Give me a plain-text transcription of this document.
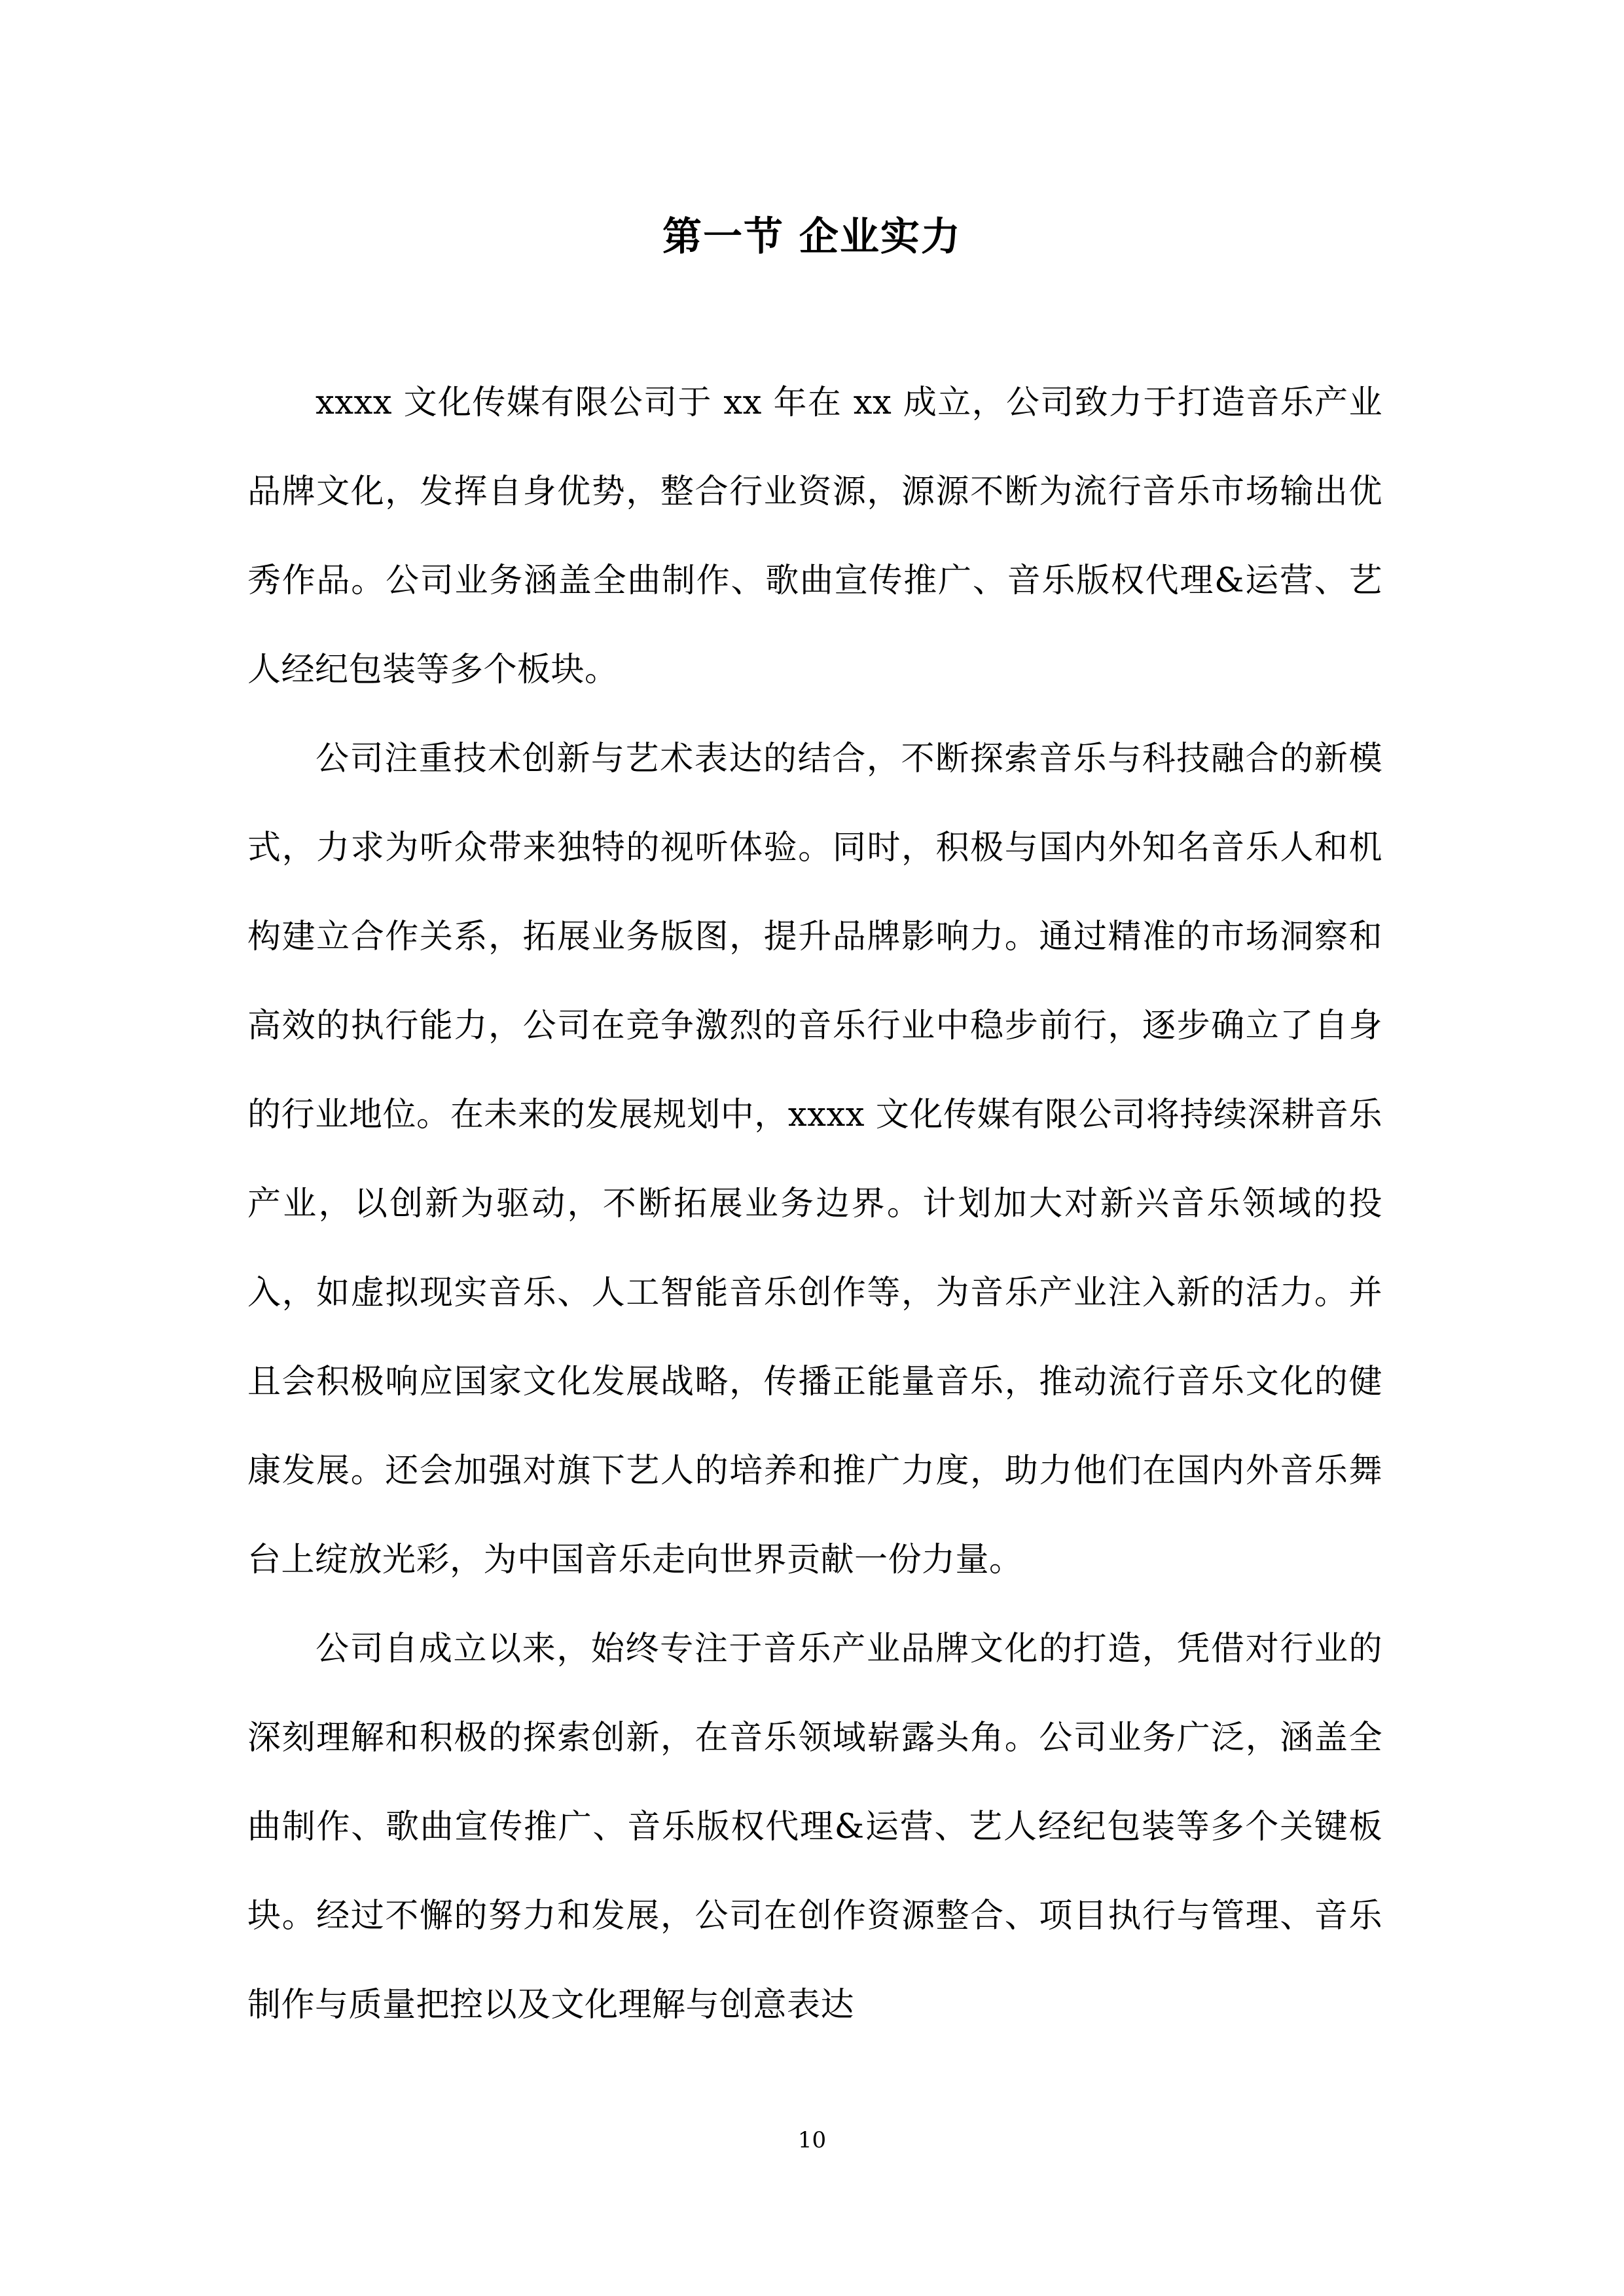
第一节 企业实力

xxxx 文化传媒有限公司于 xx 年在 xx 成立，公司致力于打造音乐产业品牌文化，发挥自身优势，整合行业资源，源源不断为流行音乐市场输出优秀作品。公司业务涵盖全曲制作、歌曲宣传推广、音乐版权代理&运营、艺人经纪包装等多个板块。

公司注重技术创新与艺术表达的结合，不断探索音乐与科技融合的新模式，力求为听众带来独特的视听体验。同时，积极与国内外知名音乐人和机构建立合作关系，拓展业务版图，提升品牌影响力。通过精准的市场洞察和高效的执行能力，公司在竞争激烈的音乐行业中稳步前行，逐步确立了自身的行业地位。在未来的发展规划中，xxxx 文化传媒有限公司将持续深耕音乐产业，以创新为驱动，不断拓展业务边界。计划加大对新兴音乐领域的投入，如虚拟现实音乐、人工智能音乐创作等，为音乐产业注入新的活力。并且会积极响应国家文化发展战略，传播正能量音乐，推动流行音乐文化的健康发展。还会加强对旗下艺人的培养和推广力度，助力他们在国内外音乐舞台上绽放光彩，为中国音乐走向世界贡献一份力量。

公司自成立以来，始终专注于音乐产业品牌文化的打造，凭借对行业的深刻理解和积极的探索创新，在音乐领域崭露头角。公司业务广泛，涵盖全曲制作、歌曲宣传推广、音乐版权代理&运营、艺人经纪包装等多个关键板块。经过不懈的努力和发展，公司在创作资源整合、项目执行与管理、音乐制作与质量把控以及文化理解与创意表达

10
